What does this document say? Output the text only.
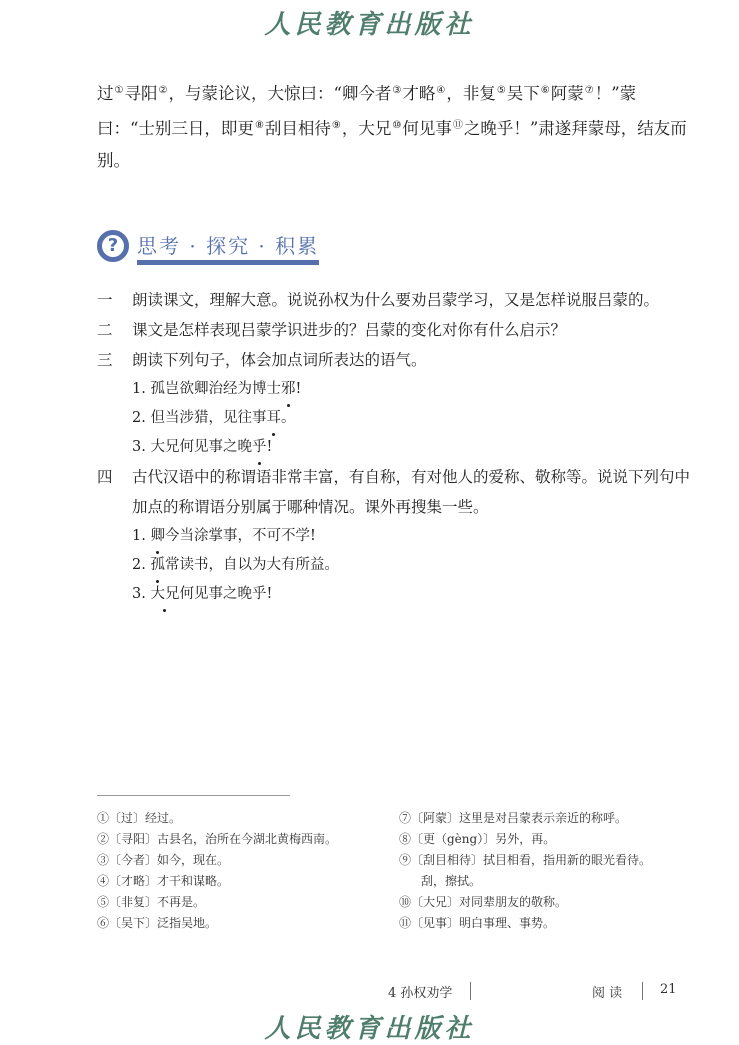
人民教育出版社
过①寻阳②，与蒙论议，大惊曰：“卿今者③才略④，非复⑤吴下⑥阿蒙⑦！”蒙曰：“士别三日，即更⑧刮目相待⑨，大兄⑩何见事⑪之晚乎！”肃遂拜蒙母，结友而别。
? 思考 · 探究 · 积累
一 朗读课文，理解大意。说说孙权为什么要劝吕蒙学习，又是怎样说服吕蒙的。
二 课文是怎样表现吕蒙学识进步的？吕蒙的变化对你有什么启示？
三 朗读下列句子，体会加点词所表达的语气。
1. 孤岂欲卿治经为博士邪!
2. 但当涉猎，见往事耳。
3. 大兄何见事之晚乎!
四 古代汉语中的称谓语非常丰富，有自称，有对他人的爱称、敬称等。说说下列句中加点的称谓语分别属于哪种情况。课外再搜集一些。
1. 卿今当涂掌事，不可不学!
2. 孤常读书，自以为大有所益。
3. 大兄何见事之晚乎!
①〔过〕经过。
②〔寻阳〕古县名，治所在今湖北黄梅西南。
③〔今者〕如今，现在。
④〔才略〕才干和谋略。
⑤〔非复〕不再是。
⑥〔吴下〕泛指吴地。
⑦〔阿蒙〕这里是对吕蒙表示亲近的称呼。
⑧〔更（gèng）〕另外，再。
⑨〔刮目相待〕拭目相看，指用新的眼光看待。
刮，擦拭。
⑩〔大兄〕对同辈朋友的敬称。
⑪〔见事〕明白事理、事势。
4 孙权劝学	阅 读	21
人民教育出版社
